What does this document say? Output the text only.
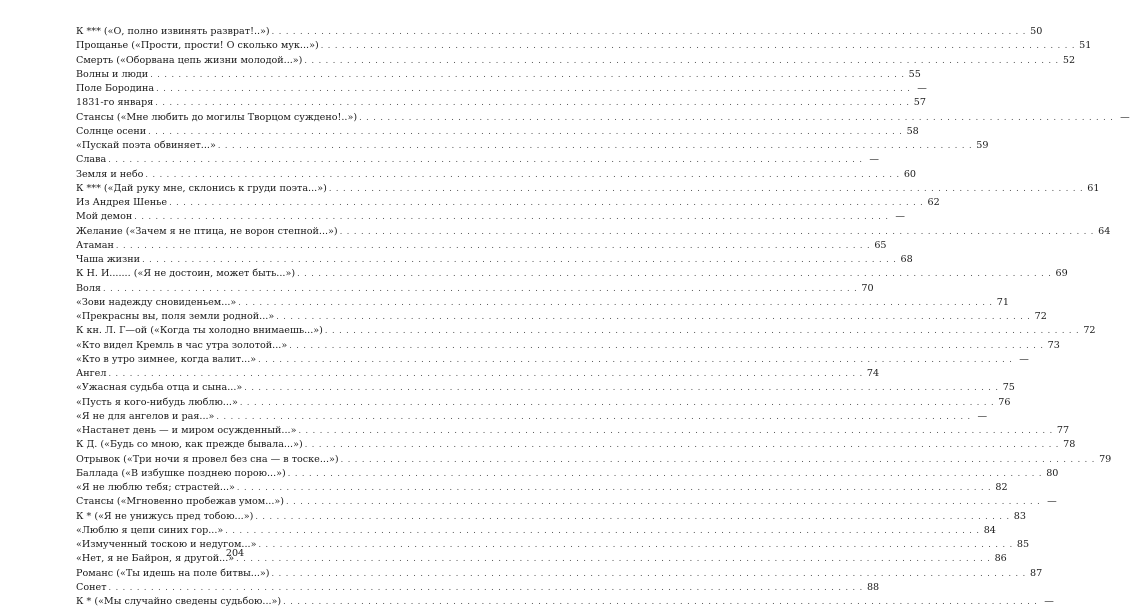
К *** («О, полно извинять разврат!..») . . .	50
Прощанье («Прости, прости! О сколько мук...») . . .	51
Смерть («Оборвана цепь жизни молодой...») . . .	52
Волны и люди . . .	55
Поле Бородина . . .	—
1831-го января . . .	57
Стансы («Мне любить до могилы Творцом суждено!..») . . .	—
Солнце осени . . .	58
«Пускай поэта обвиняет...» . . .	59
Слава . . .	—
Земля и небо . . .	60
К *** («Дай руку мне, склонись к груди поэта...») . . .	61
Из Андрея Шенье . . .	62
Мой демон . . .	—
Желание («Зачем я не птица, не ворон степной...») . . .	64
Атаман . . .	65
Чаша жизни . . .	68
К Н. И....... («Я не достоин, может быть...») . . .	69
Воля . . .	70
«Зови надежду сновиденьем...» . . .	71
«Прекрасны вы, поля земли родной...» . . .	72
К кн. Л. Г—ой («Когда ты холодно внимаешь...») . . .	72
«Кто видел Кремль в час утра золотой...» . . .	73
«Кто в утро зимнее, когда валит...» . . .	—
Ангел . . .	74
«Ужасная судьба отца и сына...» . . .	75
«Пусть я кого-нибудь люблю...» . . .	76
«Я не для ангелов и рая...» . . .	—
«Настанет день — и миром осужденный...» . . .	77
К Д. («Будь со мною, как прежде бывала...») . . .	78
Отрывок («Три ночи я провел без сна — в тоске...») . . .	79
Баллада («В избушке позднею порою...») . . .	80
«Я не люблю тебя; страстей...» . . .	82
Стансы («Мгновенно пробежав умом...») . . .	—
К * («Я не унижусь пред тобою...») . . .	83
«Люблю я цепи синих гор...» . . .	84
«Измученный тоскою и недугом...» . . .	85
«Нет, я не Байрон, я другой...» . . .	86
Романс («Ты идешь на поле битвы...») . . .	87
Сонет . . .	88
К * («Мы случайно сведены судьбою...») . . .	—
204
